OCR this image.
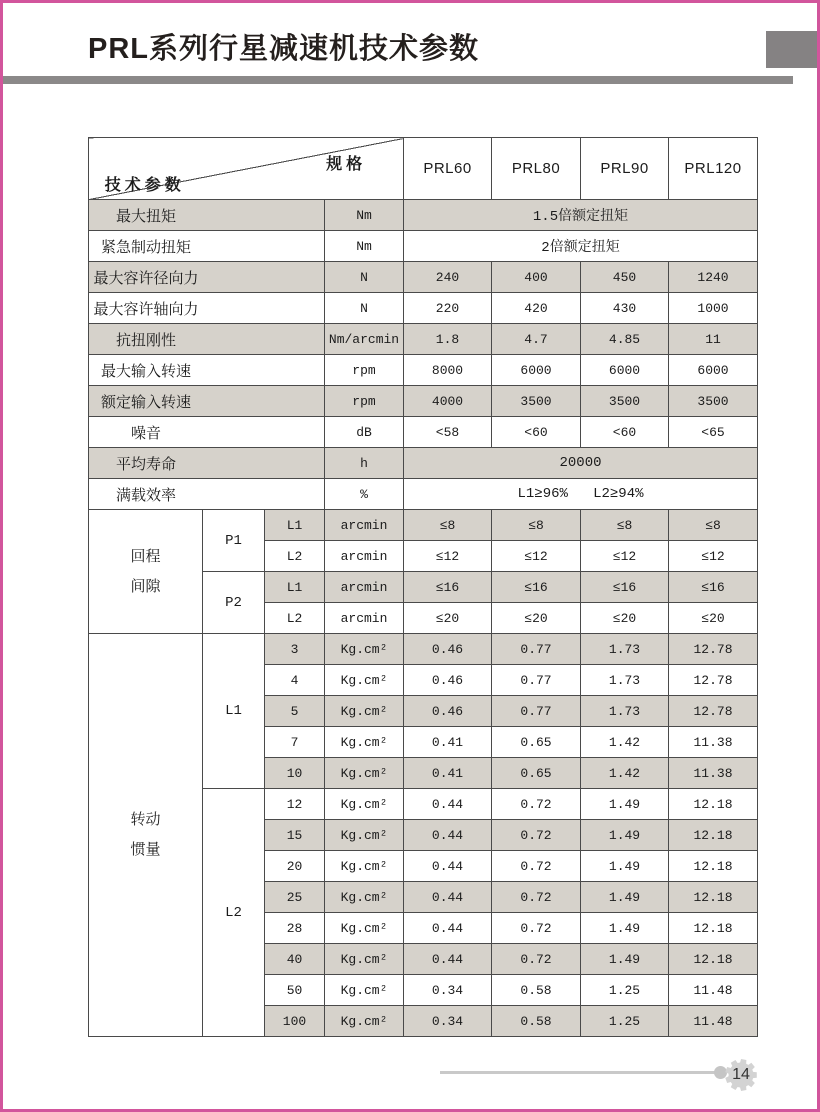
PRL系列行星减速机技术参数
规 格
技 术 参 数				PRL60	PRL80	PRL90	PRL120

最大扭矩			Nm	1.5倍额定扭矩			

紧急制动扭矩			Nm	2倍额定扭矩			

最大容许径向力			N	240	400	450	1240

最大容许轴向力			N	220	420	430	1000

抗扭刚性			Nm/arcmin	1.8	4.7	4.85	11

最大输入转速			rpm	8000	6000	6000	6000

额定输入转速			rpm	4000	3500	3500	3500

噪音			dB	<58	<60	<60	<65

平均寿命			h	20000			

满载效率			%	L1≥96%   L2≥94%			

回程
间隙	P1	L1	arcmin	≤8	≤8	≤8	≤8
		L2	arcmin	≤12	≤12	≤12	≤12
	P2	L1	arcmin	≤16	≤16	≤16	≤16
		L2	arcmin	≤20	≤20	≤20	≤20

转动
惯量	L1	3	Kg.cm²	0.46	0.77	1.73	12.78
		4	Kg.cm²	0.46	0.77	1.73	12.78
		5	Kg.cm²	0.46	0.77	1.73	12.78
		7	Kg.cm²	0.41	0.65	1.42	11.38
		10	Kg.cm²	0.41	0.65	1.42	11.38
	L2	12	Kg.cm²	0.44	0.72	1.49	12.18
		15	Kg.cm²	0.44	0.72	1.49	12.18
		20	Kg.cm²	0.44	0.72	1.49	12.18
		25	Kg.cm²	0.44	0.72	1.49	12.18
		28	Kg.cm²	0.44	0.72	1.49	12.18
		40	Kg.cm²	0.44	0.72	1.49	12.18
		50	Kg.cm²	0.34	0.58	1.25	11.48
		100	Kg.cm²	0.34	0.58	1.25	11.48
14
